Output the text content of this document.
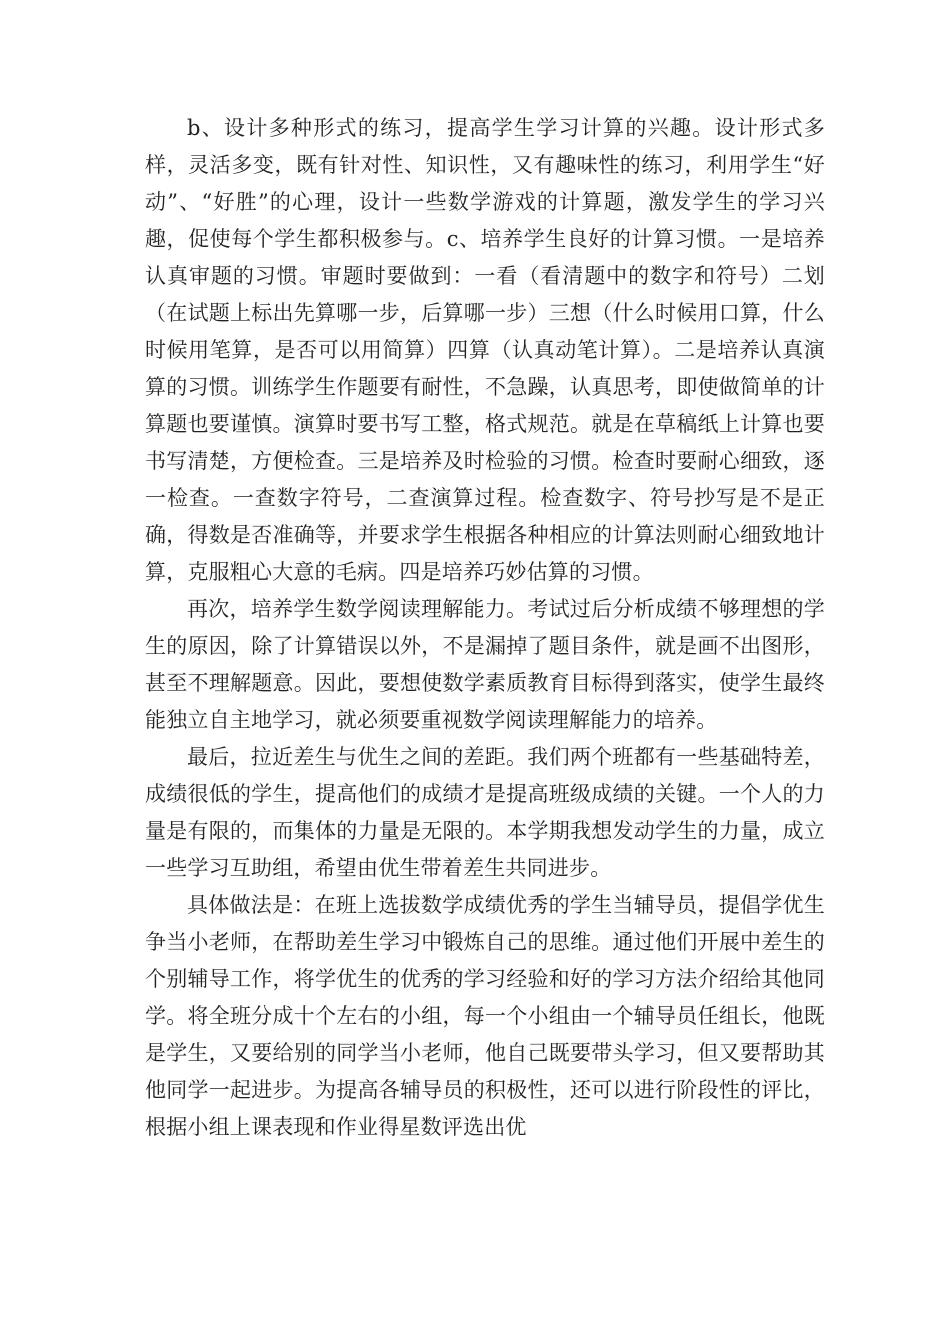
b、设计多种形式的练习，提高学生学习计算的兴趣。设计形式多样，灵活多变，既有针对性、知识性，又有趣味性的练习，利用学生“好动”、“好胜”的心理，设计一些数学游戏的计算题，激发学生的学习兴趣，促使每个学生都积极参与。c、培养学生良好的计算习惯。一是培养认真审题的习惯。审题时要做到：一看（看清题中的数字和符号）二划（在试题上标出先算哪一步，后算哪一步）三想（什么时候用口算，什么时候用笔算，是否可以用简算）四算（认真动笔计算）。二是培养认真演算的习惯。训练学生作题要有耐性，不急躁，认真思考，即使做简单的计算题也要谨慎。演算时要书写工整，格式规范。就是在草稿纸上计算也要书写清楚，方便检查。三是培养及时检验的习惯。检查时要耐心细致，逐一检查。一查数字符号，二查演算过程。检查数字、符号抄写是不是正确，得数是否准确等，并要求学生根据各种相应的计算法则耐心细致地计算，克服粗心大意的毛病。四是培养巧妙估算的习惯。

再次，培养学生数学阅读理解能力。考试过后分析成绩不够理想的学生的原因，除了计算错误以外，不是漏掉了题目条件，就是画不出图形，甚至不理解题意。因此，要想使数学素质教育目标得到落实，使学生最终能独立自主地学习，就必须要重视数学阅读理解能力的培养。

最后，拉近差生与优生之间的差距。我们两个班都有一些基础特差，成绩很低的学生，提高他们的成绩才是提高班级成绩的关键。一个人的力量是有限的，而集体的力量是无限的。本学期我想发动学生的力量，成立一些学习互助组，希望由优生带着差生共同进步。

具体做法是：在班上选拔数学成绩优秀的学生当辅导员，提倡学优生争当小老师，在帮助差生学习中锻炼自己的思维。通过他们开展中差生的个别辅导工作，将学优生的优秀的学习经验和好的学习方法介绍给其他同学。将全班分成十个左右的小组，每一个小组由一个辅导员任组长，他既是学生，又要给别的同学当小老师，他自己既要带头学习，但又要帮助其他同学一起进步。为提高各辅导员的积极性，还可以进行阶段性的评比，根据小组上课表现和作业得星数评选出优
